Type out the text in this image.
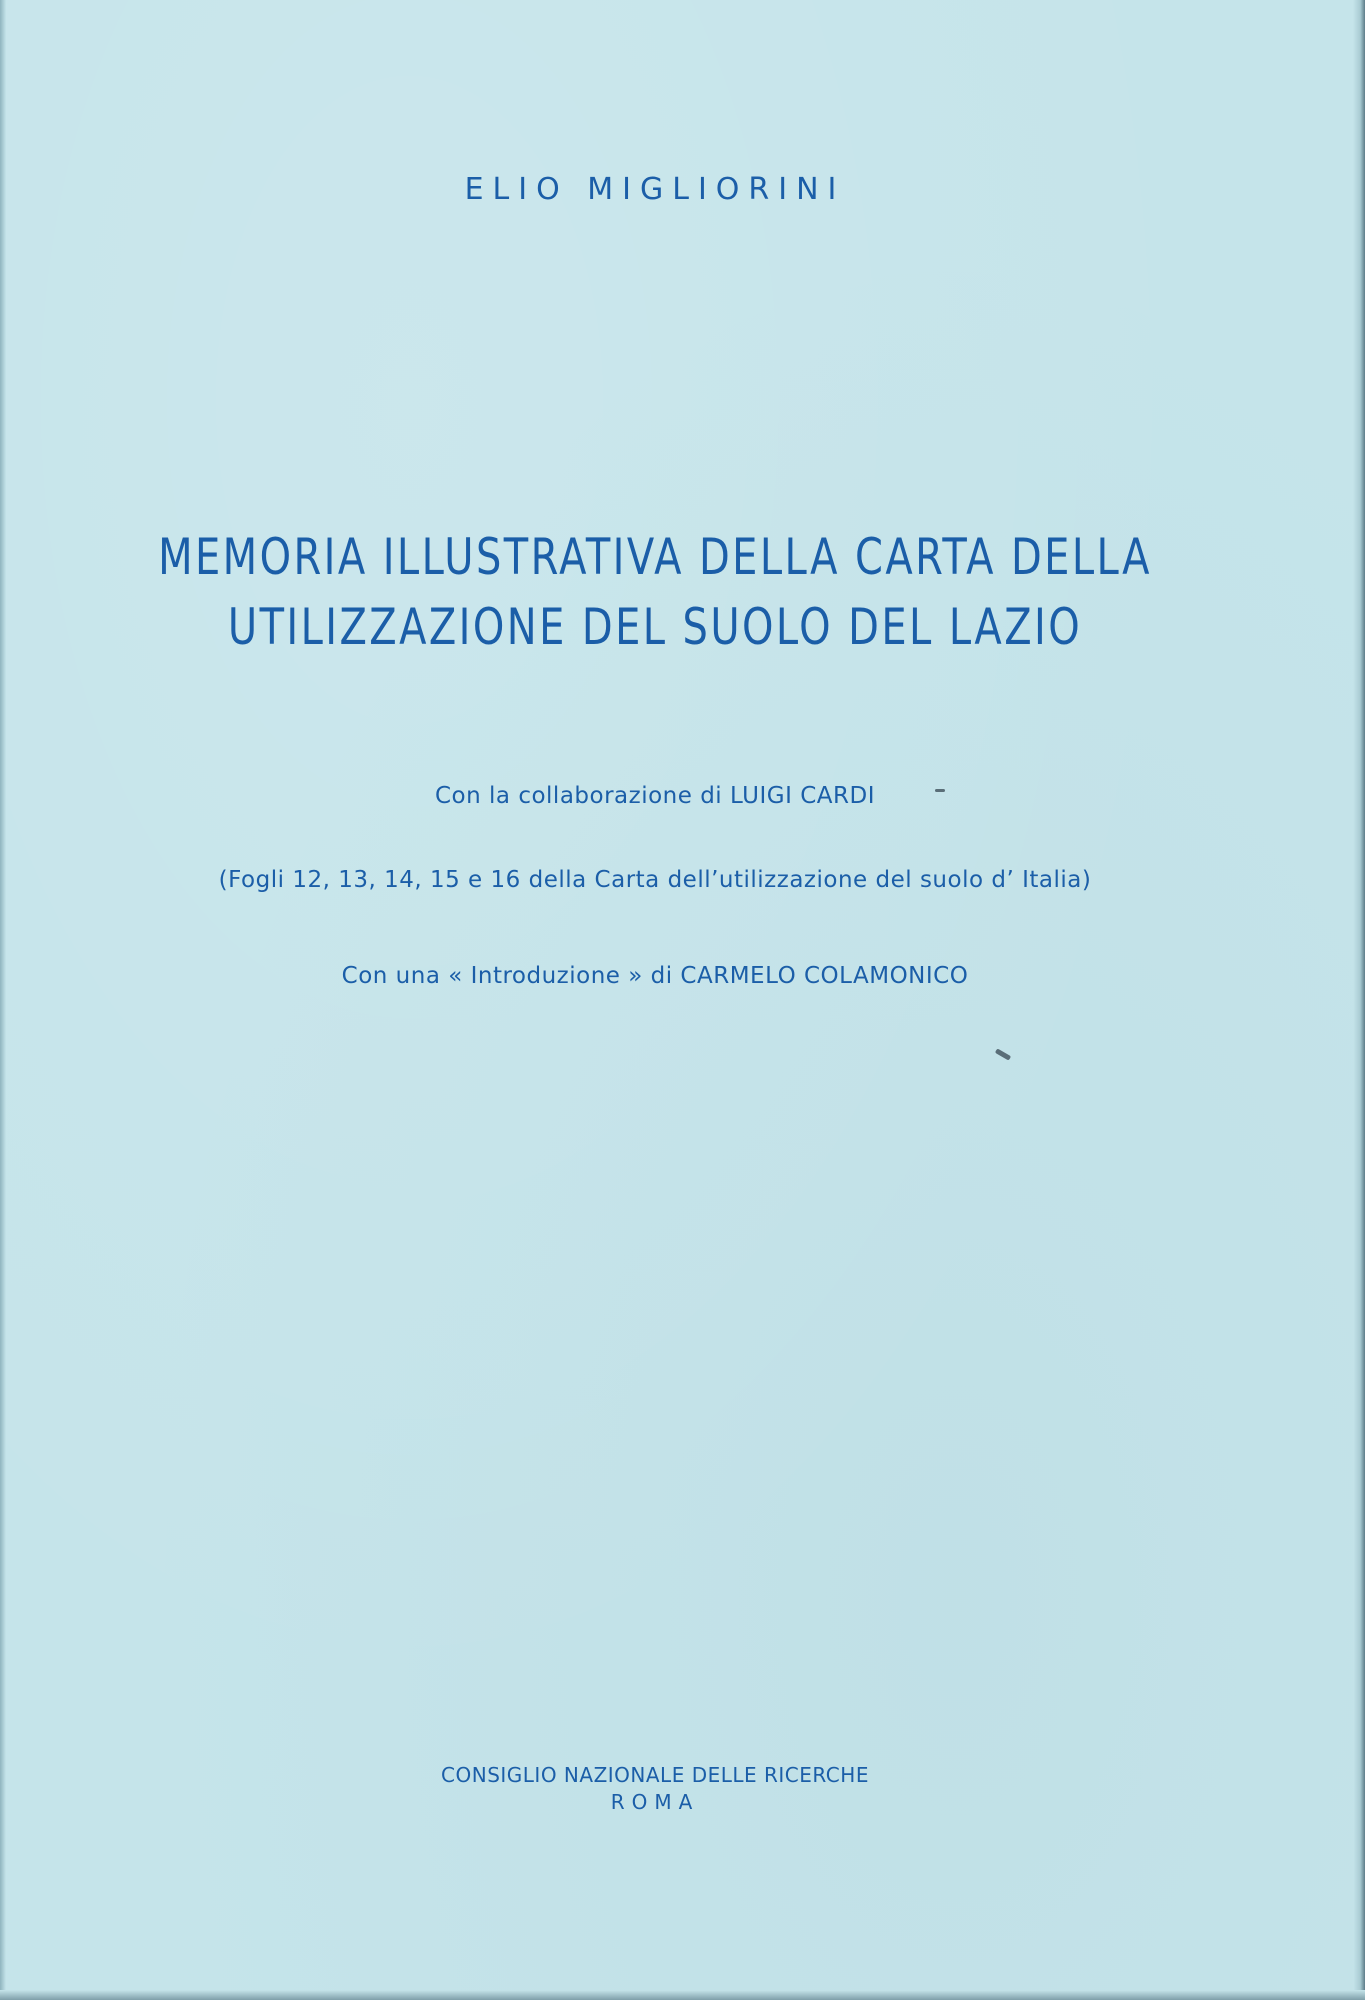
ELIO MIGLIORINI
MEMORIA ILLUSTRATIVA DELLA CARTA DELLA
UTILIZZAZIONE DEL SUOLO DEL LAZIO
Con la collaborazione di LUIGI CARDI
(Fogli 12, 13, 14, 15 e 16 della Carta dell’utilizzazione del suolo d’ Italia)
Con una « Introduzione » di CARMELO COLAMONICO
CONSIGLIO NAZIONALE DELLE RICERCHE
ROMA
